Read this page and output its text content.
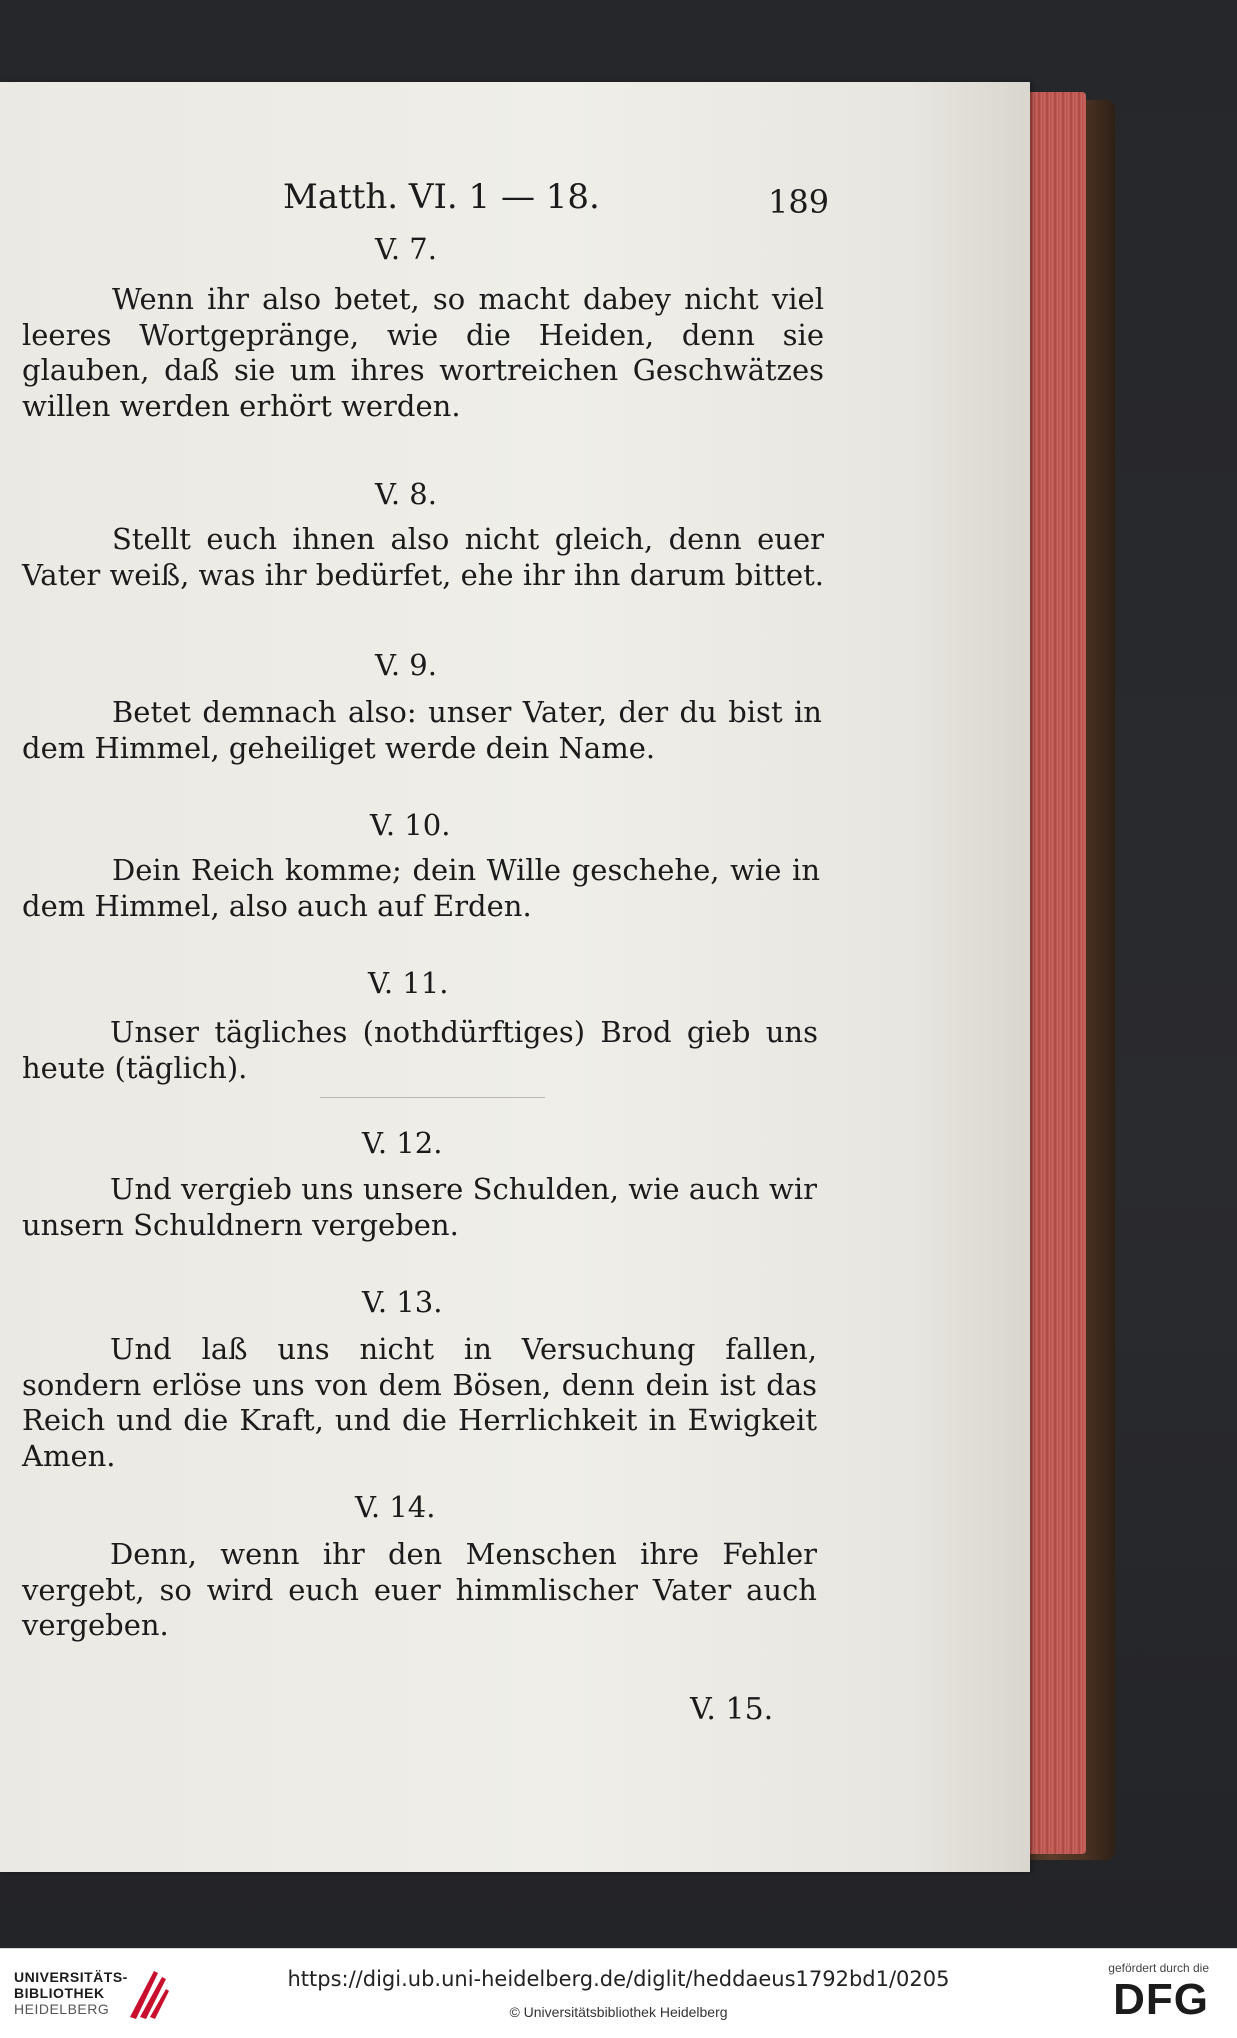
Matth. VI. 1 — 18.	189
V. 7.
Wenn ihr also betet, so macht dabey nicht viel leeres Wortgepränge, wie die Heiden, denn sie glauben, daß sie um ihres wortreichen Geschwätzes willen werden erhört werden.
V. 8.
Stellt euch ihnen also nicht gleich, denn euer Vater weiß, was ihr bedürfet, ehe ihr ihn darum bittet.
V. 9.
Betet demnach also: unser Vater, der du bist in dem Himmel, geheiliget werde dein Name.
V. 10.
Dein Reich komme; dein Wille geschehe, wie in dem Himmel, also auch auf Erden.
V. 11.
Unser tägliches (nothdürftiges) Brod gieb uns heute (täglich).
V. 12.
Und vergieb uns unsere Schulden, wie auch wir unsern Schuldnern vergeben.
V. 13.
Und laß uns nicht in Versuchung fallen, sondern erlöse uns von dem Bösen, denn dein ist das Reich und die Kraft, und die Herrlichkeit in Ewigkeit Amen.
V. 14.
Denn, wenn ihr den Menschen ihre Fehler vergebt, so wird euch euer himmlischer Vater auch vergeben.
V. 15.
UNIVERSITÄTS-
BIBLIOTHEK
HEIDELBERG
https://digi.ub.uni-heidelberg.de/diglit/heddaeus1792bd1/0205
© Universitätsbibliothek Heidelberg
gefördert durch die
DFG
